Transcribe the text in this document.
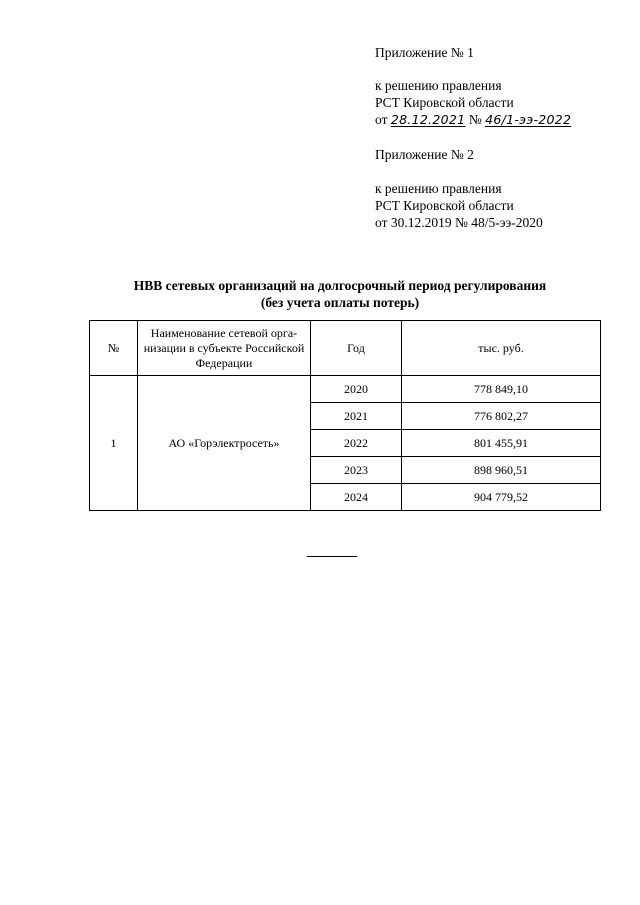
Приложение № 1
к решению правления
РСТ Кировской области
от 28.12.2021 № 46/1-ээ-2022
Приложение № 2
к решению правления
РСТ Кировской области
от 30.12.2019 № 48/5-ээ-2020
НВВ сетевых организаций на долгосрочный период регулирования
(без учета оплаты потерь)
№	Наименование сетевой орга-низации в субъекте Российской Федерации	Год	тыс. руб.
1	АО «Горэлектросеть»	2020	778 849,10
		2021	776 802,27
		2022	801 455,91
		2023	898 960,51
		2024	904 779,52
